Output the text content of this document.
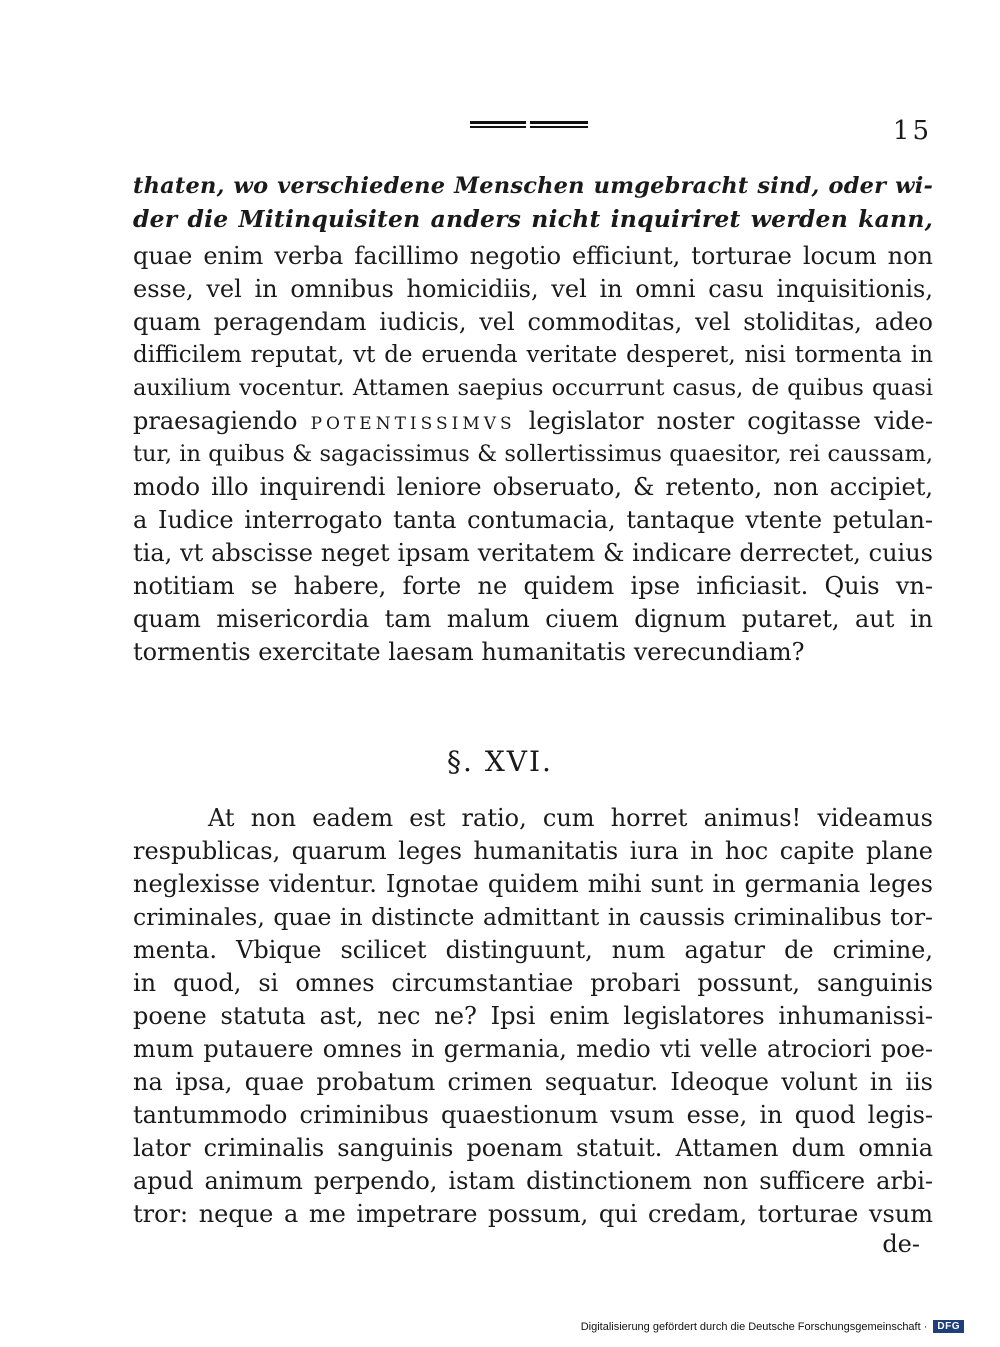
15
thaten, wo verschiedene Menschen umgebracht sind, oder wi-
der die Mitinquisiten anders nicht inquiriret werden kann,
quae enim verba facillimo negotio efficiunt, torturae locum non
esse, vel in omnibus homicidiis, vel in omni casu inquisitionis,
quam peragendam iudicis, vel commoditas, vel stoliditas, adeo
difficilem reputat, vt de eruenda veritate desperet, nisi tormenta in
auxilium vocentur. Attamen saepius occurrunt casus, de quibus quasi
praesagiendo POTENTISSIMVS legislator noster cogitasse vide-
tur, in quibus & sagacissimus & sollertissimus quaesitor, rei caussam,
modo illo inquirendi leniore obseruato, & retento, non accipiet,
a Iudice interrogato tanta contumacia, tantaque vtente petulan-
tia, vt abscisse neget ipsam veritatem & indicare derrectet, cuius
notitiam se habere, forte ne quidem ipse inficiasit. Quis vn-
quam misericordia tam malum ciuem dignum putaret, aut in
tormentis exercitate laesam humanitatis verecundiam?
§. XVI.
At non eadem est ratio, cum horret animus! videamus
respublicas, quarum leges humanitatis iura in hoc capite plane
neglexisse videntur. Ignotae quidem mihi sunt in germania leges
criminales, quae in distincte admittant in caussis criminalibus tor-
menta. Vbique scilicet distinguunt, num agatur de crimine,
in quod, si omnes circumstantiae probari possunt, sanguinis
poene statuta ast, nec ne? Ipsi enim legislatores inhumanissi-
mum putauere omnes in germania, medio vti velle atrociori poe-
na ipsa, quae probatum crimen sequatur. Ideoque volunt in iis
tantummodo criminibus quaestionum vsum esse, in quod legis-
lator criminalis sanguinis poenam statuit. Attamen dum omnia
apud animum perpendo, istam distinctionem non sufficere arbi-
tror: neque a me impetrare possum, qui credam, torturae vsum
de-
Digitalisierung gefördert durch die Deutsche Forschungsgemeinschaft ·	DFG
